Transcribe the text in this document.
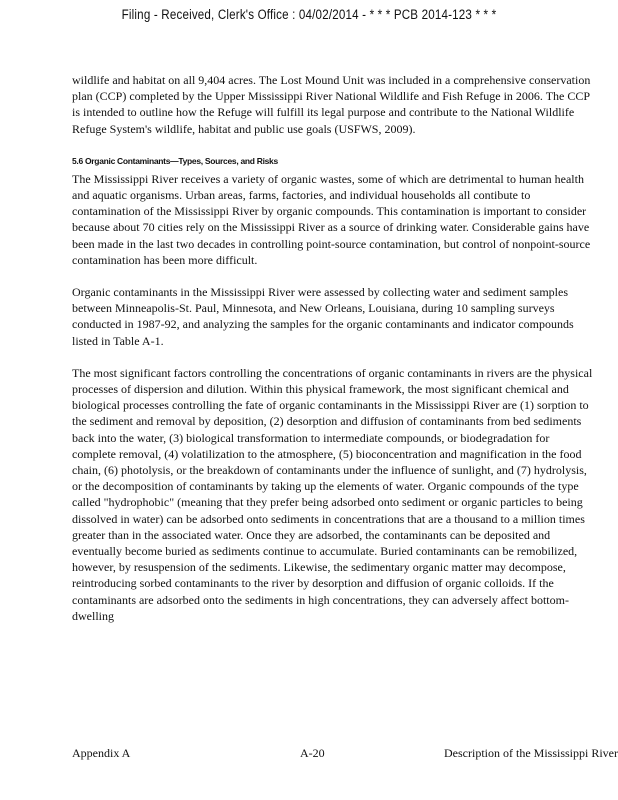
Filing - Received, Clerk's Office : 04/02/2014 - * * * PCB 2014-123 * * *

wildlife and habitat on all 9,404 acres. The Lost Mound Unit was included in a comprehensive conservation plan (CCP) completed by the Upper Mississippi River National Wildlife and Fish Refuge in 2006. The CCP is intended to outline how the Refuge will fulfill its legal purpose and contribute to the National Wildlife Refuge System's wildlife, habitat and public use goals (USFWS, 2009).

5.6 Organic Contaminants—Types, Sources, and Risks

The Mississippi River receives a variety of organic wastes, some of which are detrimental to human health and aquatic organisms. Urban areas, farms, factories, and individual households all contibute to contamination of the Mississippi River by organic compounds. This contamination is important to consider because about 70 cities rely on the Mississippi River as a source of drinking water. Considerable gains have been made in the last two decades in controlling point-source contamination, but control of nonpoint-source contamination has been more difficult.

Organic contaminants in the Mississippi River were assessed by collecting water and sediment samples between Minneapolis-St. Paul, Minnesota, and New Orleans, Louisiana, during 10 sampling surveys conducted in 1987-92, and analyzing the samples for the organic contaminants and indicator compounds listed in Table A-1.

The most significant factors controlling the concentrations of organic contaminants in rivers are the physical processes of dispersion and dilution. Within this physical framework, the most significant chemical and biological processes controlling the fate of organic contaminants in the Mississippi River are (1) sorption to the sediment and removal by deposition, (2) desorption and diffusion of contaminants from bed sediments back into the water, (3) biological transformation to intermediate compounds, or biodegradation for complete removal, (4) volatilization to the atmosphere, (5) bioconcentration and magnification in the food chain, (6) photolysis, or the breakdown of contaminants under the influence of sunlight, and (7) hydrolysis, or the decomposition of contaminants by taking up the elements of water. Organic compounds of the type called "hydrophobic" (meaning that they prefer being adsorbed onto sediment or organic particles to being dissolved in water) can be adsorbed onto sediments in concentrations that are a thousand to a million times greater than in the associated water. Once they are adsorbed, the contaminants can be deposited and eventually become buried as sediments continue to accumulate. Buried contaminants can be remobilized, however, by resuspension of the sediments. Likewise, the sedimentary organic matter may decompose, reintroducing sorbed contaminants to the river by desorption and diffusion of organic colloids. If the contaminants are adsorbed onto the sediments in high concentrations, they can adversely affect bottom-dwelling

Appendix A	A-20	Description of the Mississippi River
